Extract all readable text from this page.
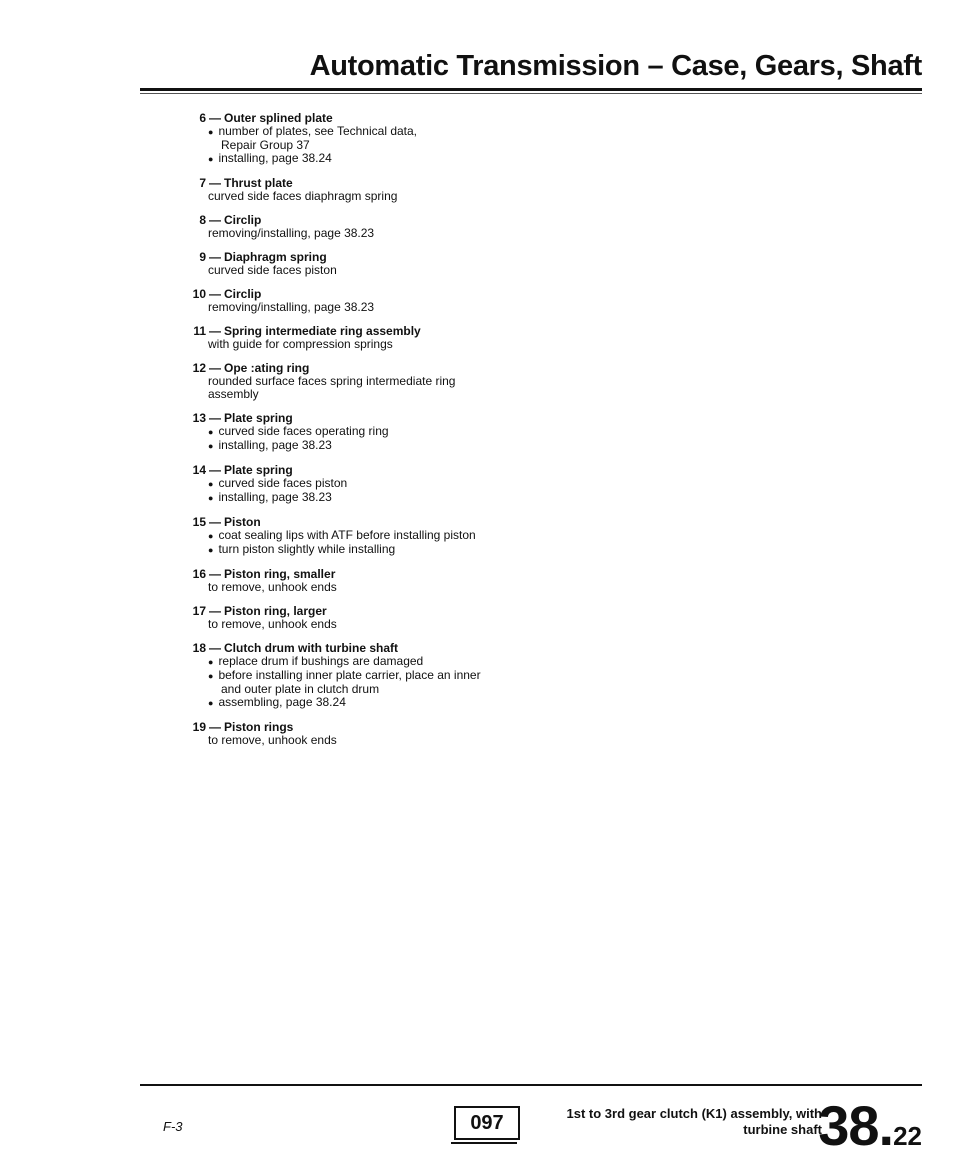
Automatic Transmission – Case, Gears, Shaft
6 — Outer splined plate
● number of plates, see Technical data,
Repair Group 37
● installing, page 38.24
7 — Thrust plate
curved side faces diaphragm spring
8 — Circlip
removing/installing, page 38.23
9 — Diaphragm spring
curved side faces piston
10 — Circlip
removing/installing, page 38.23
11 — Spring intermediate ring assembly
with guide for compression springs
12 — Ope :ating ring
rounded surface faces spring intermediate ring
assembly
13 — Plate spring
● curved side faces operating ring
● installing, page 38.23
14 — Plate spring
● curved side faces piston
● installing, page 38.23
15 — Piston
● coat sealing lips with ATF before installing piston
● turn piston slightly while installing
16 — Piston ring, smaller
to remove, unhook ends
17 — Piston ring, larger
to remove, unhook ends
18 — Clutch drum with turbine shaft
● replace drum if bushings are damaged
● before installing inner plate carrier, place an inner
and outer plate in clutch drum
● assembling, page 38.24
19 — Piston rings
to remove, unhook ends
F-3	097	1st to 3rd gear clutch (K1) assembly, with
turbine shaft
38.22
